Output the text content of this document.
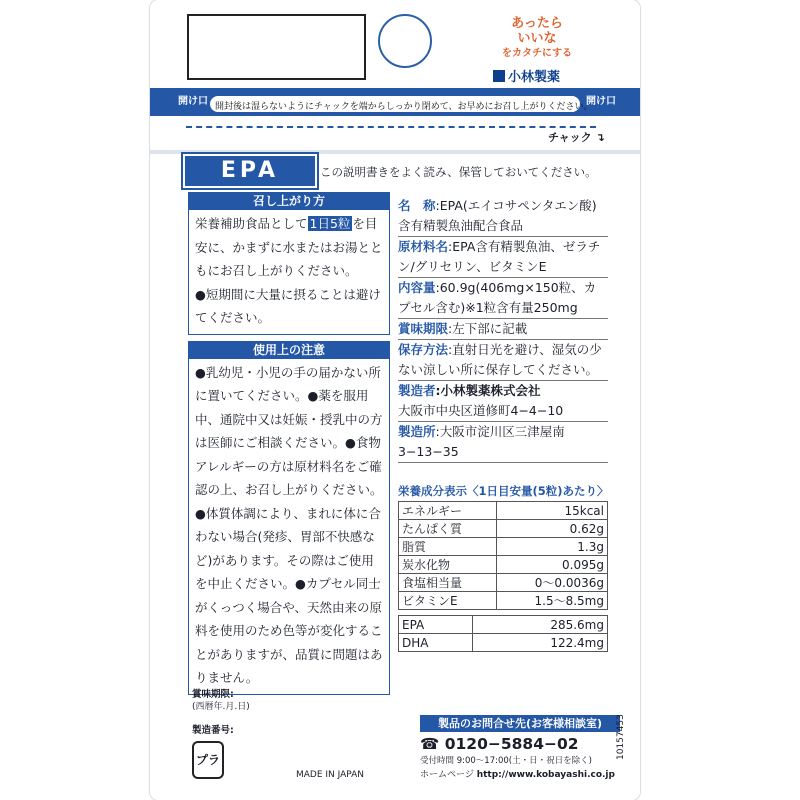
あったら
いいな
をカタチにする
小林製薬
開け口	開け口
開封後は湿らないようにチャックを端からしっかり閉めて、お早めにお召し上がりください。
チャック ↴
EPA	この説明書きをよく読み、保管しておいてください。
召し上がり方
栄養補助食品として 1日5粒 を目安に、かまずに水またはお湯とともにお召し上がりください。
●短期間に大量に摂ることは避けてください。
使用上の注意
●乳幼児・小児の手の届かない所に置いてください。●薬を服用中、通院中又は妊娠・授乳中の方は医師にご相談ください。●食物アレルギーの方は原材料名をご確認の上、お召し上がりください。●体質体調により、まれに体に合わない場合(発疹、胃部不快感など)があります。その際はご使用を中止ください。●カプセル同士がくっつく場合や、天然由来の原料を使用のため色等が変化することがありますが、品質に問題はありません。
名　称:EPA(エイコサペンタエン酸)含有精製魚油配合食品
原材料名:EPA含有精製魚油、ゼラチン/グリセリン、ビタミンE
内容量:60.9g(406mg×150粒、カプセル含む)※1粒含有量250mg
賞味期限:左下部に記載
保存方法:直射日光を避け、湿気の少ない涼しい所に保存してください。
製造者:小林製薬株式会社
大阪市中央区道修町4−4−10
製造所:大阪市淀川区三津屋南3−13−35
栄養成分表示〈1日目安量(5粒)あたり〉
エネルギー	15kcal
たんぱく質	0.62g
脂質	1.3g
炭水化物	0.095g
食塩相当量	0〜0.0036g
ビタミンE	1.5〜8.5mg
EPA	285.6mg
DHA	122.4mg
賞味期限:
(西暦年.月.日)
製造番号:
プラ
MADE IN JAPAN
製品のお問合せ先(お客様相談室)
☎ 0120−5884−02
受付時間 9:00〜17:00(土・日・祝日を除く)
ホームページ http://www.kobayashi.co.jp
10157453
